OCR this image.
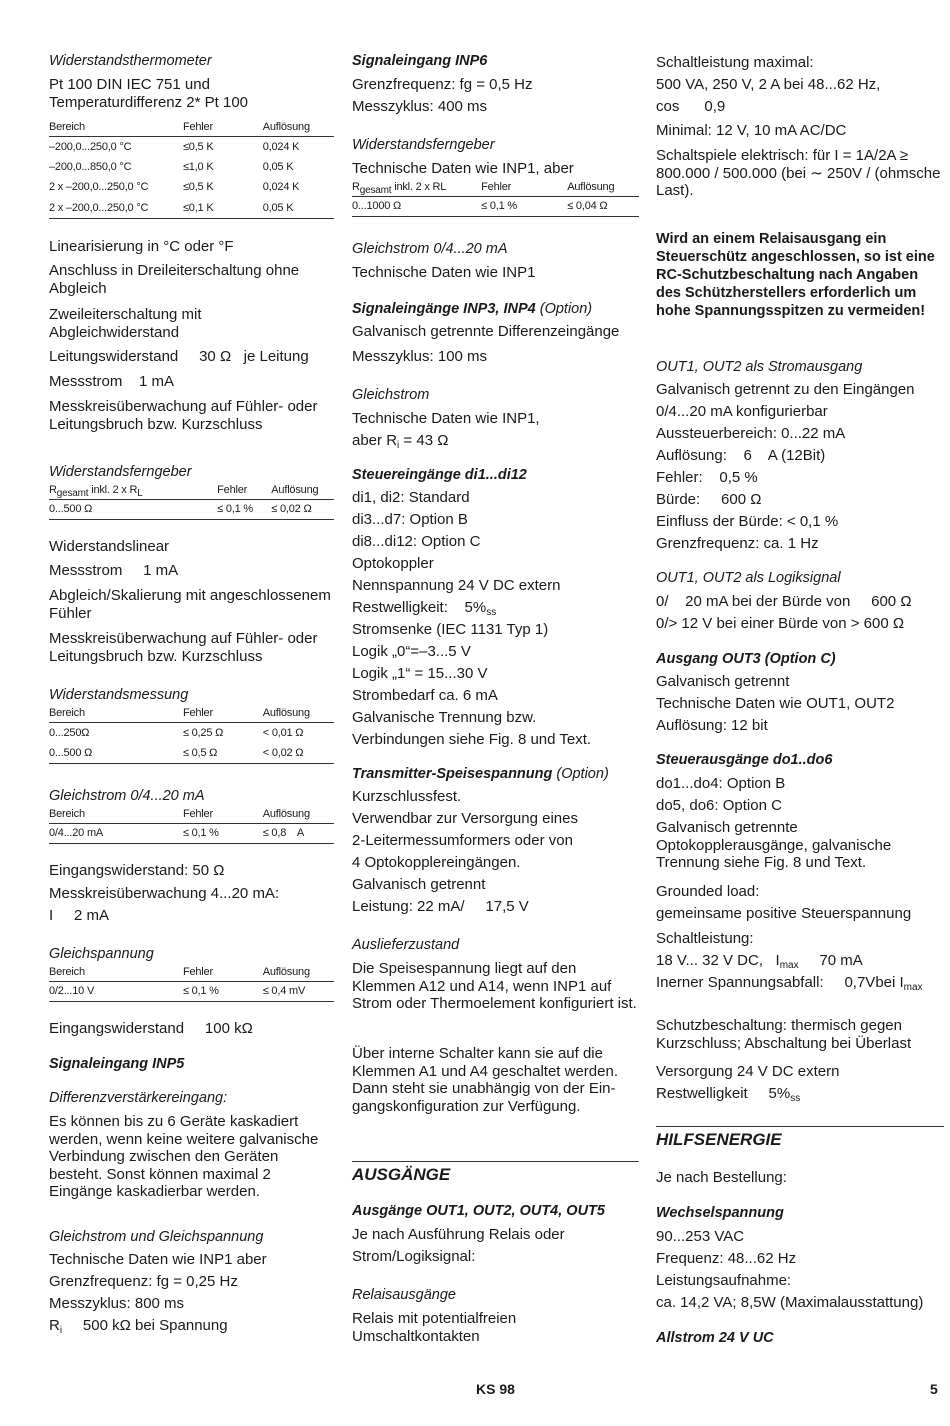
Widerstandsthermometer
Pt 100 DIN IEC 751 und Temperaturdifferenz 2* Pt 100
Bereich	Fehler	Auflösung
–200,0...250,0 °C	≤0,5 K	0,024 K
–200,0...850,0 °C	≤1,0 K	0,05 K
2 x –200,0...250,0 °C	≤0,5 K	0,024 K
2 x –200,0...250,0 °C	≤0,1 K	0,05 K
Linearisierung in °C oder °F
Anschluss in Dreileiterschaltung ohne Abgleich
Zweileiterschaltung mit Abgleichwiderstand
Leitungswiderstand     30 Ω   je Leitung
Messstrom    1 mA
Messkreisüberwachung auf Fühler- oder Leitungsbruch bzw. Kurzschluss
Widerstandsferngeber
$R_{gesamt}$ inkl. 2 x $R_L$	Fehler	Auflösung
0...500 Ω	≤ 0,1 %	≤ 0,02 Ω
Widerstandslinear
Messstrom     1 mA
Abgleich/Skalierung mit angeschlossenem Fühler
Messkreisüberwachung auf Fühler- oder Leitungsbruch bzw. Kurzschluss
Widerstandsmessung
Bereich	Fehler	Auflösung
0...250Ω	≤ 0,25 Ω	< 0,01 Ω
0...500 Ω	≤ 0,5 Ω	< 0,02 Ω
Gleichstrom 0/4...20 mA
Bereich	Fehler	Auflösung
0/4...20 mA	≤ 0,1 %	≤ 0,8    A
Eingangswiderstand: 50 Ω
Messkreisüberwachung 4...20 mA:
I     2 mA
Gleichspannung
Bereich	Fehler	Auflösung
0/2...10 V	≤ 0,1 %	≤ 0,4 mV
Eingangswiderstand     100 kΩ
Signaleingang INP5
Differenzverstärkereingang:
Es können bis zu 6 Geräte kaskadiert werden, wenn keine weitere galvanische Verbindung zwischen den Geräten besteht. Sonst können maximal 2 Eingänge kaskadierbar werden.
Gleichstrom und Gleichspannung
Technische Daten wie INP1 aber
Grenzfrequenz: fg = 0,25 Hz
Messzyklus: 800 ms
$R_i$     500 kΩ bei Spannung
Signaleingang INP6
Grenzfrequenz: fg = 0,5 Hz
Messzyklus: 400 ms
Widerstandsferngeber
Technische Daten wie INP1, aber
$R_{gesamt}$ inkl. 2 x RL	Fehler	Auflösung
0...1000 Ω	≤ 0,1 %	≤ 0,04 Ω
Gleichstrom 0/4...20 mA
Technische Daten wie INP1
Signaleingänge INP3, INP4 (Option)
Galvanisch getrennte Differenzeingänge
Messzyklus: 100 ms
Gleichstrom
Technische Daten wie INP1,
aber $R_i = 43$ Ω
Steuereingänge di1...di12
di1, di2: Standard
di3...d7: Option B
di8...di12: Option C
Optokoppler
Nennspannung 24 V DC extern
Restwelligkeit:    $5\%_{ss}$
Stromsenke (IEC 1131 Typ 1)
Logik „0“=–3...5 V
Logik „1“ = 15...30 V
Strombedarf ca. 6 mA
Galvanische Trennung bzw.
Verbindungen siehe Fig. 8 und Text.
Transmitter-Speisespannung (Option)
Kurzschlussfest.
Verwendbar zur Versorgung eines
2-Leitermessumformers oder von
4 Optokopplereingängen.
Galvanisch getrennt
Leistung: 22 mA/     17,5 V
Auslieferzustand
Die Speisespannung liegt auf den Klemmen A12 und A14, wenn INP1 auf Strom oder Thermoelement konfiguriert ist.
Über interne Schalter kann sie auf die Klemmen A1 und A4 geschaltet werden. Dann steht sie unabhängig von der Ein- gangskonfiguration zur Verfügung.
AUSGÄNGE
Ausgänge OUT1, OUT2, OUT4, OUT5
Je nach Ausführung Relais oder
Strom/Logiksignal:
Relaisausgänge
Relais mit potentialfreien Umschaltkontakten
Schaltleistung maximal:
500 VA, 250 V, 2 A bei 48...62 Hz,
cos      0,9
Minimal: 12 V, 10 mA AC/DC
Schaltspiele elektrisch: für I = 1A/2A ≥ 800.000 / 500.000 (bei ∼ 250V / (ohmsche Last).
Wird an einem Relaisausgang ein Steuerschütz angeschlossen, so ist eine RC-Schutzbeschaltung nach Angaben des Schützherstellers erforderlich um hohe Spannungsspitzen zu vermeiden!
OUT1, OUT2 als Stromausgang
Galvanisch getrennt zu den Eingängen
0/4...20 mA konfigurierbar
Aussteuerbereich: 0...22 mA
Auflösung:    6    A (12Bit)
Fehler:    0,5 %
Bürde:     600 Ω
Einfluss der Bürde: < 0,1 %
Grenzfrequenz: ca. 1 Hz
OUT1, OUT2 als Logiksignal
0/    20 mA bei der Bürde von     600 Ω
0/> 12 V bei einer Bürde von > 600 Ω
Ausgang OUT3 (Option C)
Galvanisch getrennt
Technische Daten wie OUT1, OUT2
Auflösung: 12 bit
Steuerausgänge do1..do6
do1...do4: Option B
do5, do6: Option C
Galvanisch getrennte Optokopplerausgänge, galvanische Trennung siehe Fig. 8 und Text.
Grounded load:
gemeinsame positive Steuerspannung
Schaltleistung:
18 V... 32 V DC,   $I_{max}$     70 mA
Inerner Spannungsabfall:     0,7Vbei $I_{max}$
Schutzbeschaltung: thermisch gegen Kurzschluss; Abschaltung bei Überlast
Versorgung 24 V DC extern
Restwelligkeit     $5\%_{ss}$
HILFSENERGIE
Je nach Bestellung:
Wechselspannung
90...253 VAC
Frequenz: 48...62 Hz
Leistungsaufnahme:
ca. 14,2 VA; 8,5W (Maximalausstattung)
Allstrom 24 V UC
KS 98	5
